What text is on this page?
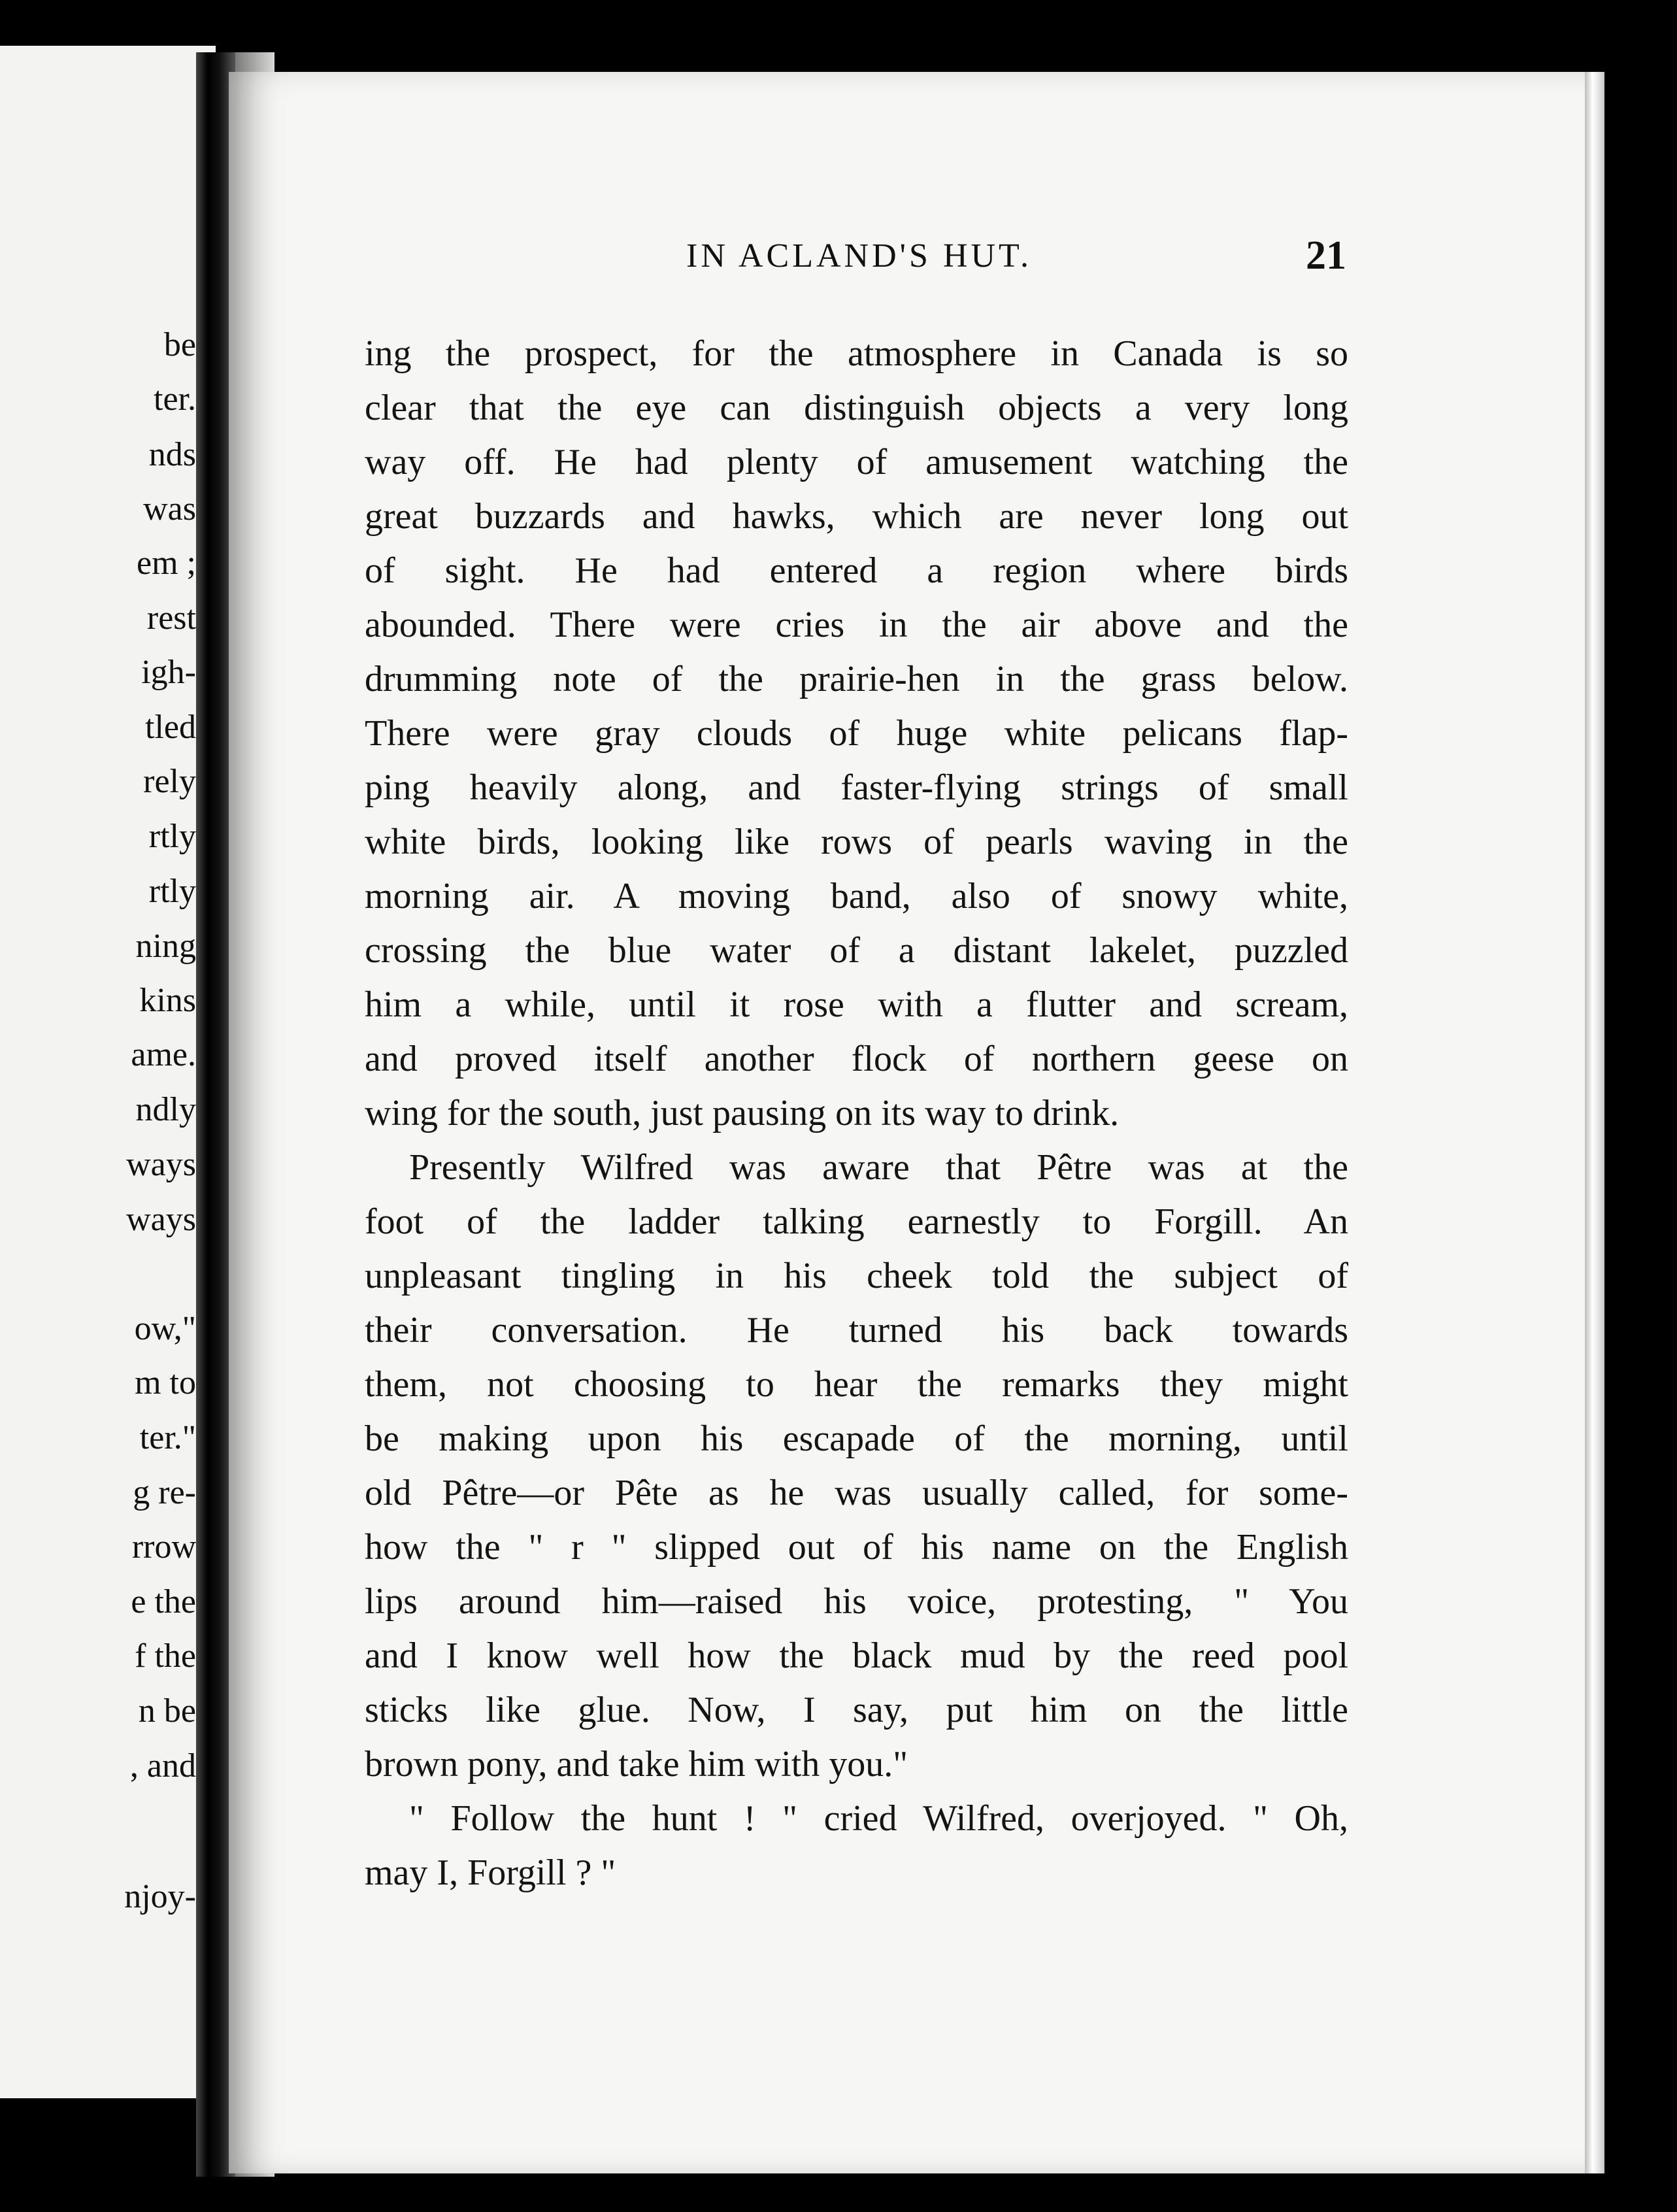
be
ter.
nds
was
em ;
rest
igh-
tled
rely
rtly
rtly
ning
kins
ame.
ndly
ways
ways
ow,"
m to
ter."
g re-
rrow
e the
f the
n be
, and
njoy-
IN ACLAND'S HUT.	21
ing the prospect, for the atmosphere in Canada is so
clear that the eye can distinguish objects a very long
way off. He had plenty of amusement watching the
great buzzards and hawks, which are never long out
of sight. He had entered a region where birds
abounded. There were cries in the air above and the
drumming note of the prairie-hen in the grass below.
There were gray clouds of huge white pelicans flap-
ping heavily along, and faster-flying strings of small
white birds, looking like rows of pearls waving in the
morning air. A moving band, also of snowy white,
crossing the blue water of a distant lakelet, puzzled
him a while, until it rose with a flutter and scream,
and proved itself another flock of northern geese on
wing for the south, just pausing on its way to drink.
Presently Wilfred was aware that Pêtre was at the
foot of the ladder talking earnestly to Forgill. An
unpleasant tingling in his cheek told the subject of
their conversation. He turned his back towards
them, not choosing to hear the remarks they might
be making upon his escapade of the morning, until
old Pêtre—or Pête as he was usually called, for some-
how the " r " slipped out of his name on the English
lips around him—raised his voice, protesting, " You
and I know well how the black mud by the reed pool
sticks like glue. Now, I say, put him on the little
brown pony, and take him with you."
" Follow the hunt ! " cried Wilfred, overjoyed. " Oh,
may I, Forgill ? "
